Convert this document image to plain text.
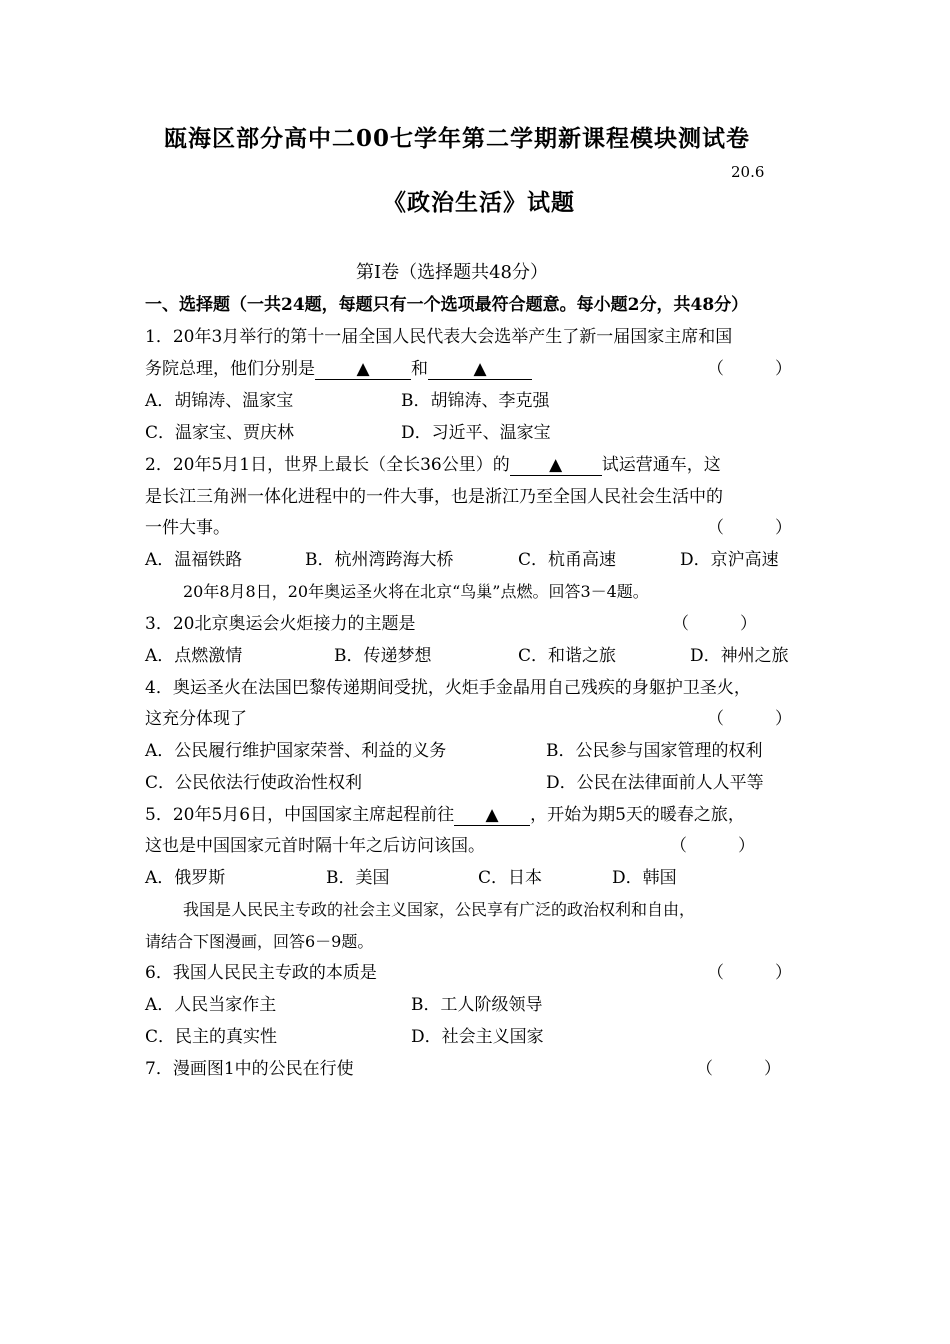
瓯海区部分高中二00七学年第二学期新课程模块测试卷
20.6
《政治生活》试题
第Ⅰ卷（选择题共48分）
一、选择题（一共24题，每题只有一个选项最符合题意。每小题2分，共48分）
1．20年3月举行的第十一届全国人民代表大会选举产生了新一届国家主席和国
务院总理，他们分别是 ▲ 和	▲	（　　　）
A．胡锦涛、温家宝	B．胡锦涛、李克强
C．温家宝、贾庆林	D．习近平、温家宝
2．20年5月1日，世界上最长（全长36公里）的 ▲ 试运营通车，这
是长江三角洲一体化进程中的一件大事，也是浙江乃至全国人民社会生活中的
一件大事。	（　　　）
A．温福铁路	B．杭州湾跨海大桥	C．杭甬高速	D．京沪高速
20年8月8日，20年奥运圣火将在北京“鸟巢”点燃。回答3－4题。
3．20北京奥运会火炬接力的主题是	（　　　）
A．点燃激情	B．传递梦想	C．和谐之旅	D．神州之旅
4．奥运圣火在法国巴黎传递期间受扰，火炬手金晶用自己残疾的身躯护卫圣火，
这充分体现了	（　　　）
A．公民履行维护国家荣誉、利益的义务	B．公民参与国家管理的权利
C．公民依法行使政治性权利	D．公民在法律面前人人平等
5．20年5月6日，中国国家主席起程前往 ▲ ，开始为期5天的暖春之旅，
这也是中国国家元首时隔十年之后访问该国。	（　　　）
A．俄罗斯	B．美国	C．日本	D．韩国
我国是人民民主专政的社会主义国家，公民享有广泛的政治权利和自由，
请结合下图漫画，回答6－9题。
6．我国人民民主专政的本质是	（　　　）
A．人民当家作主	B．工人阶级领导
C．民主的真实性	D．社会主义国家
7．漫画图1中的公民在行使	（　　　）
